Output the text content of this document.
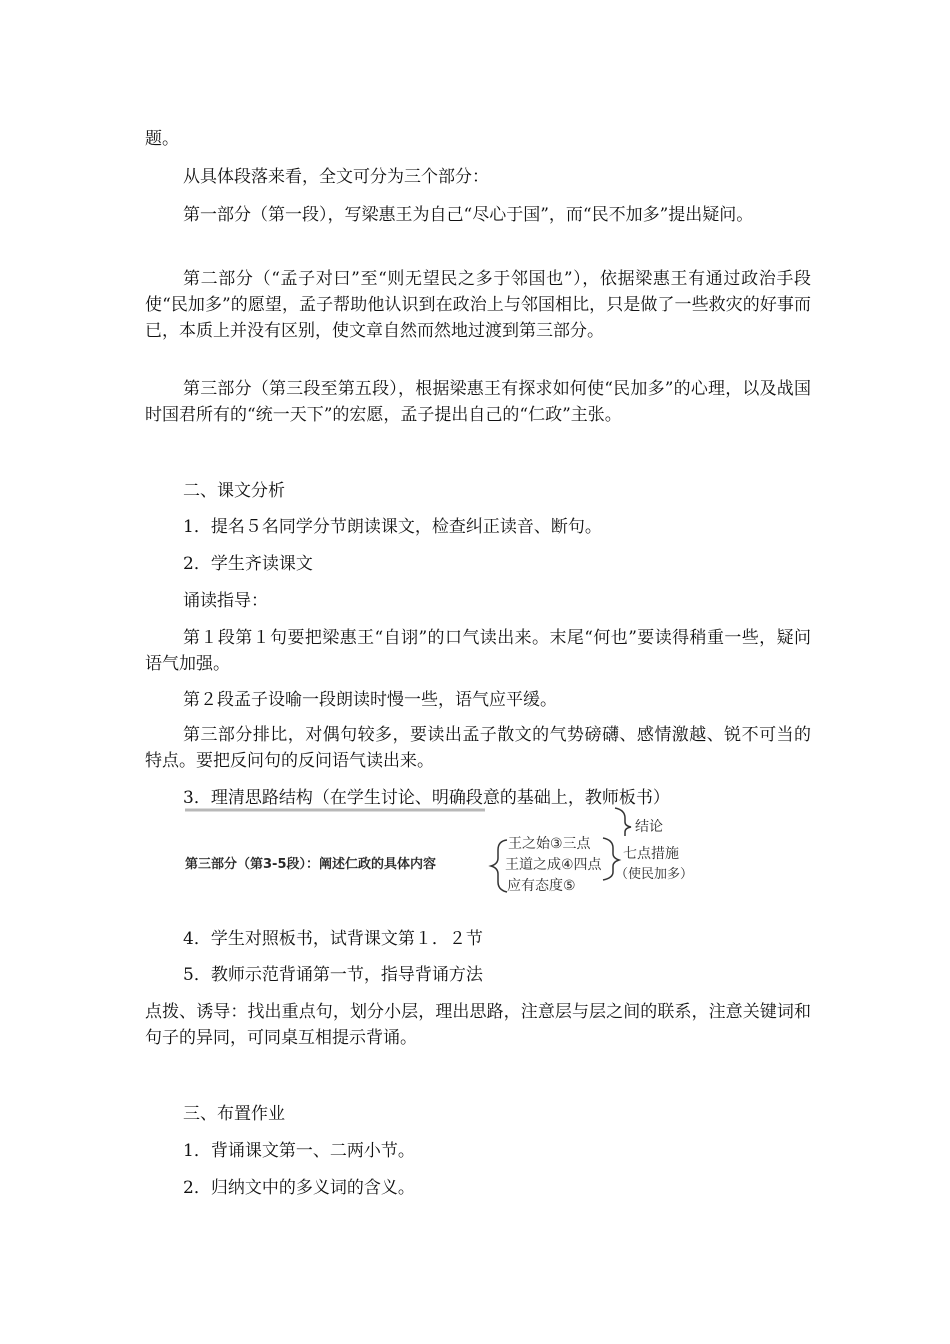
题。

从具体段落来看，全文可分为三个部分：

第一部分（第一段），写梁惠王为自己“尽心于国”，而“民不加多”提出疑问。

第二部分（“孟子对曰”至“则无望民之多于邻国也”），依据梁惠王有通过政治手段使“民加多”的愿望，孟子帮助他认识到在政治上与邻国相比，只是做了一些救灾的好事而已，本质上并没有区别，使文章自然而然地过渡到第三部分。

第三部分（第三段至第五段），根据梁惠王有探求如何使“民加多”的心理，以及战国时国君所有的“统一天下”的宏愿，孟子提出自己的“仁政”主张。

二、课文分析

1．提名５名同学分节朗读课文，检查纠正读音、断句。

2．学生齐读课文

诵读指导：

第１段第１句要把梁惠王“自诩”的口气读出来。末尾“何也”要读得稍重一些，疑问语气加强。

第２段孟子设喻一段朗读时慢一些，语气应平缓。

第三部分排比，对偶句较多，要读出孟子散文的气势磅礴、感情激越、锐不可当的特点。要把反问句的反问语气读出来。

3．理清思路结构（在学生讨论、明确段意的基础上，教师板书）

结论
第三部分（第3-5段）：阐述仁政的具体内容
王之始③三点
王道之成④四点
应有态度⑤
七点措施
（使民加多）

4．学生对照板书，试背课文第１．２节

5．教师示范背诵第一节，指导背诵方法

点拨、诱导：找出重点句，划分小层，理出思路，注意层与层之间的联系，注意关键词和句子的异同，可同桌互相提示背诵。

三、布置作业

1．背诵课文第一、二两小节。

2．归纳文中的多义词的含义。
